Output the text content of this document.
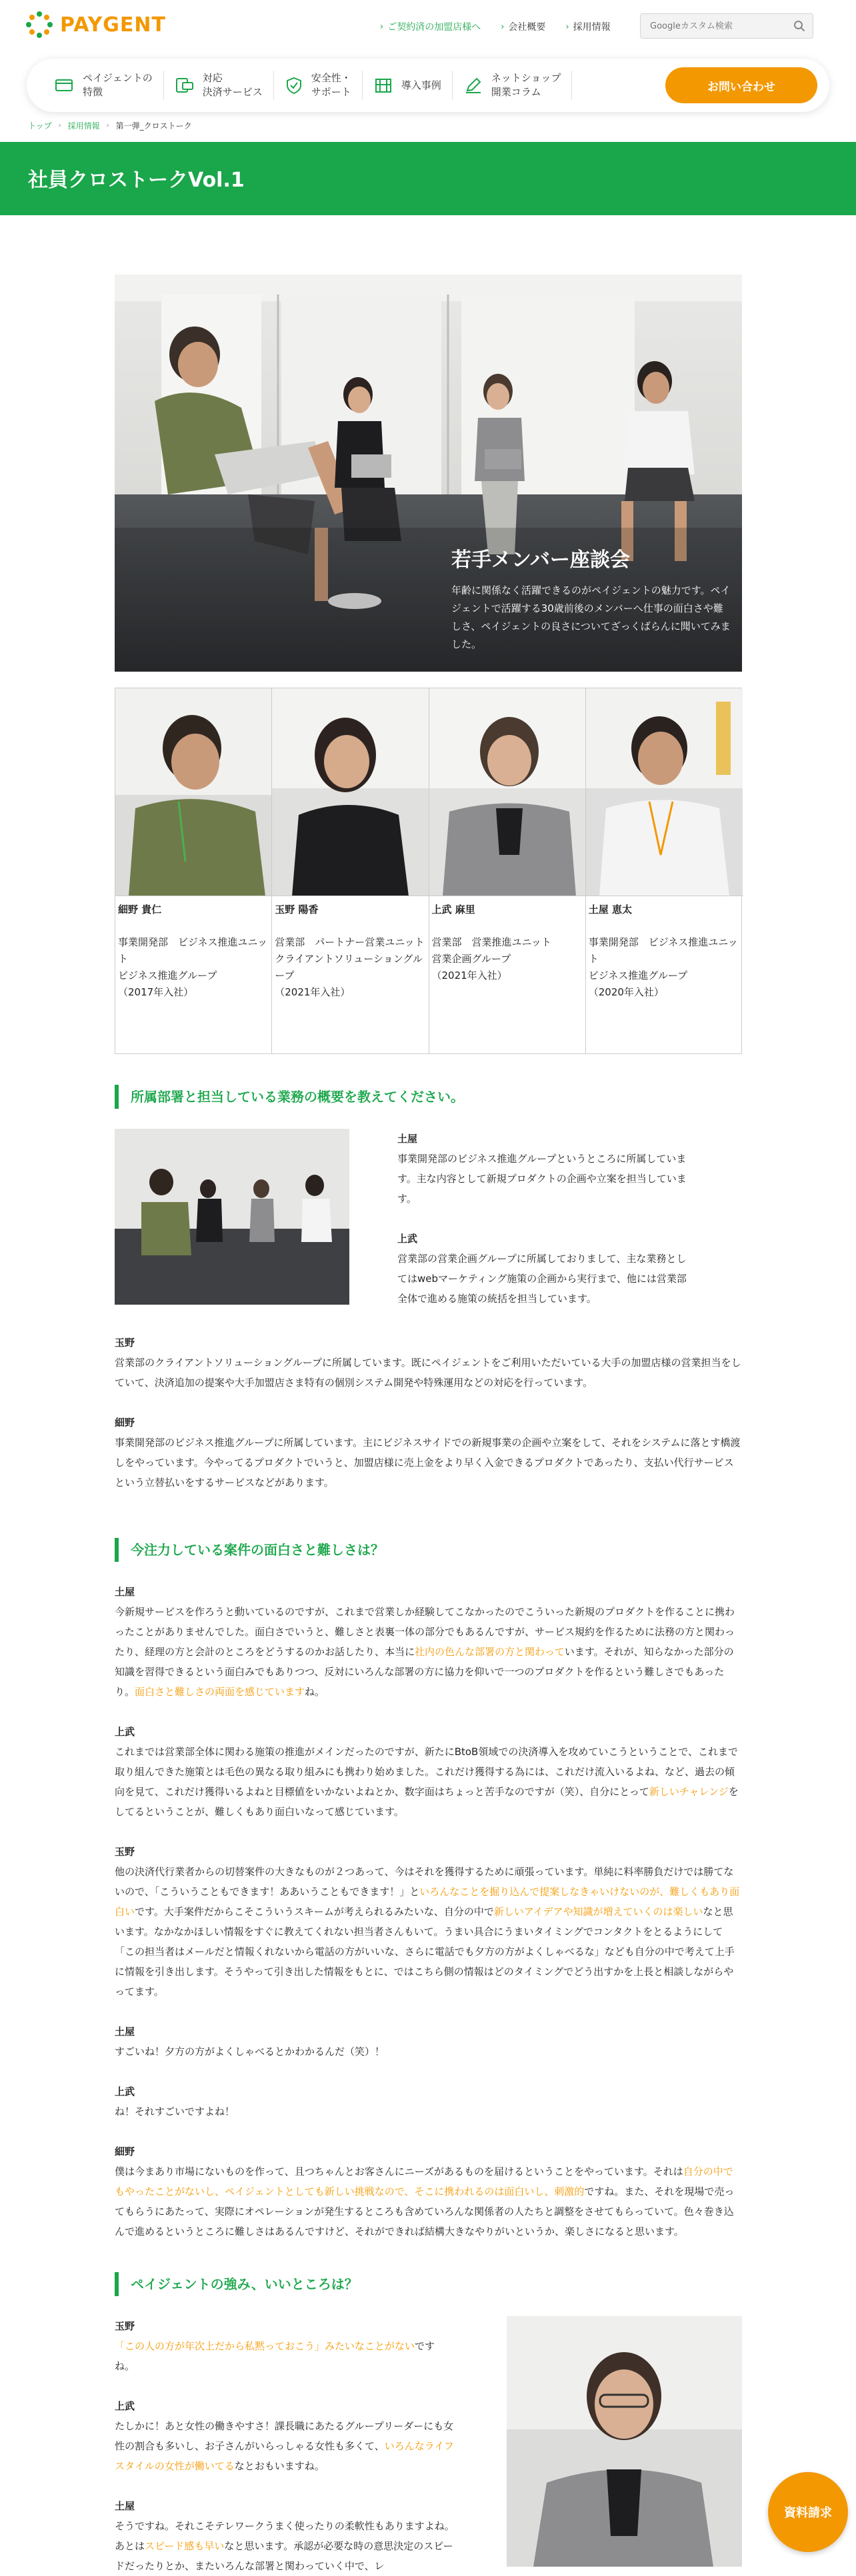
PAYGENT	› ご契約済の加盟店様へ › 会社概要 › 採用情報
Googleカスタム検索
ペイジェントの
特徴
対応
決済サービス
安全性・
サポート
導入事例
ネットショップ
開業コラム	お問い合わせ
トップ › 採用情報 › 第一弾_クロストーク
社員クロストークVol.1
若手メンバー座談会
年齢に関係なく活躍できるのがペイジェントの魅力です。ペイジェントで活躍する30歳前後のメンバーへ仕事の面白さや難しさ、ペイジェントの良さについてざっくばらんに聞いてみました。
細野 貴仁
事業開発部　ビジネス推進ユニット
ビジネス推進グループ
（2017年入社）
玉野 陽香
営業部　パートナー営業ユニット
クライアントソリューショングループ
（2021年入社）
上武 麻里
営業部　営業推進ユニット
営業企画グループ
（2021年入社）
土屋 恵太
事業開発部　ビジネス推進ユニット
ビジネス推進グループ
（2020年入社）
所属部署と担当している業務の概要を教えてください。
土屋

事業開発部のビジネス推進グループというところに所属しています。主な内容として新規プロダクトの企画や立案を担当しています。

上武

営業部の営業企画グループに所属しておりまして、主な業務としてはwebマーケティング施策の企画から実行まで、他には営業部全体で進める施策の統括を担当しています。

玉野

営業部のクライアントソリューショングループに所属しています。既にペイジェントをご利用いただいている大手の加盟店様の営業担当をしていて、決済追加の提案や大手加盟店さま特有の個別システム開発や特殊運用などの対応を行っています。

細野

事業開発部のビジネス推進グループに所属しています。主にビジネスサイドでの新規事業の企画や立案をして、それをシステムに落とす橋渡しをやっています。今やってるプロダクトでいうと、加盟店様に売上金をより早く入金できるプロダクトであったり、支払い代行サービスという立替払いをするサービスなどがあります。

今注力している案件の面白さと難しさは？
土屋

今新規サービスを作ろうと動いているのですが、これまで営業しか経験してこなかったのでこういった新規のプロダクトを作ることに携わったことがありませんでした。面白さでいうと、難しさと表裏一体の部分でもあるんですが、サービス規約を作るために法務の方と関わったり、経理の方と会計のところをどうするのかお話したり、本当に社内の色んな部署の方と関わっています。それが、知らなかった部分の知識を習得できるという面白みでもありつつ、反対にいろんな部署の方に協力を仰いで一つのプロダクトを作るという難しさでもあったり。面白さと難しさの両面を感じていますね。

上武

これまでは営業部全体に関わる施策の推進がメインだったのですが、新たにBtoB領域での決済導入を攻めていこうということで、これまで取り組んできた施策とは毛色の異なる取り組みにも携わり始めました。これだけ獲得する為には、これだけ流入いるよね、など、過去の傾向を見て、これだけ獲得いるよねと目標値をいかないよねとか、数字面はちょっと苦手なのですが（笑）、自分にとって新しいチャレンジをしてるということが、難しくもあり面白いなって感じています。

玉野

他の決済代行業者からの切替案件の大きなものが２つあって、今はそれを獲得するために頑張っています。単純に料率勝負だけでは勝てないので、「こういうこともできます！ああいうこともできます！」といろんなことを掘り込んで提案しなきゃいけないのが、難しくもあり面白いです。大手案件だからこそこういうスキームが考えられるみたいな、自分の中で新しいアイデアや知識が増えていくのは楽しいなと思います。なかなかほしい情報をすぐに教えてくれない担当者さんもいて。うまい具合にうまいタイミングでコンタクトをとるようにして「この担当者はメールだと情報くれないから電話の方がいいな、さらに電話でも夕方の方がよくしゃべるな」なども自分の中で考えて上手に情報を引き出します。そうやって引き出した情報をもとに、ではこちら側の情報はどのタイミングでどう出すかを上長と相談しながらやってます。

土屋

すごいね！夕方の方がよくしゃべるとかわかるんだ（笑）！

上武

ね！それすごいですよね！

細野

僕は今まあり市場にないものを作って、且つちゃんとお客さんにニーズがあるものを届けるということをやっています。それは自分の中でもやったことがないし、ペイジェントとしても新しい挑戦なので、そこに携われるのは面白いし、刺激的ですね。また、それを現場で売ってもらうにあたって、実際にオペレーションが発生するところも含めていろんな関係者の人たちと調整をさせてもらっていて。色々巻き込んで進めるというところに難しさはあるんですけど、それができれば結構大きなやりがいというか、楽しさになると思います。

ペイジェントの強み、いいところは？
玉野

「この人の方が年次上だから私黙っておこう」みたいなことがないですね。

上武

たしかに！あと女性の働きやすさ！課長職にあたるグループリーダーにも女性の割合も多いし、お子さんがいらっしゃる女性も多くて、いろんなライフスタイルの女性が働いてるなとおもいますね。

土屋

そうですね。それこそテレワークうまく使ったりの柔軟性もありますよね。 あとはスピード感も早いなと思います。承認が必要な時の意思決定のスピードだったりとか、またいろんな部署と関わっていく中で、レ

資料請求
